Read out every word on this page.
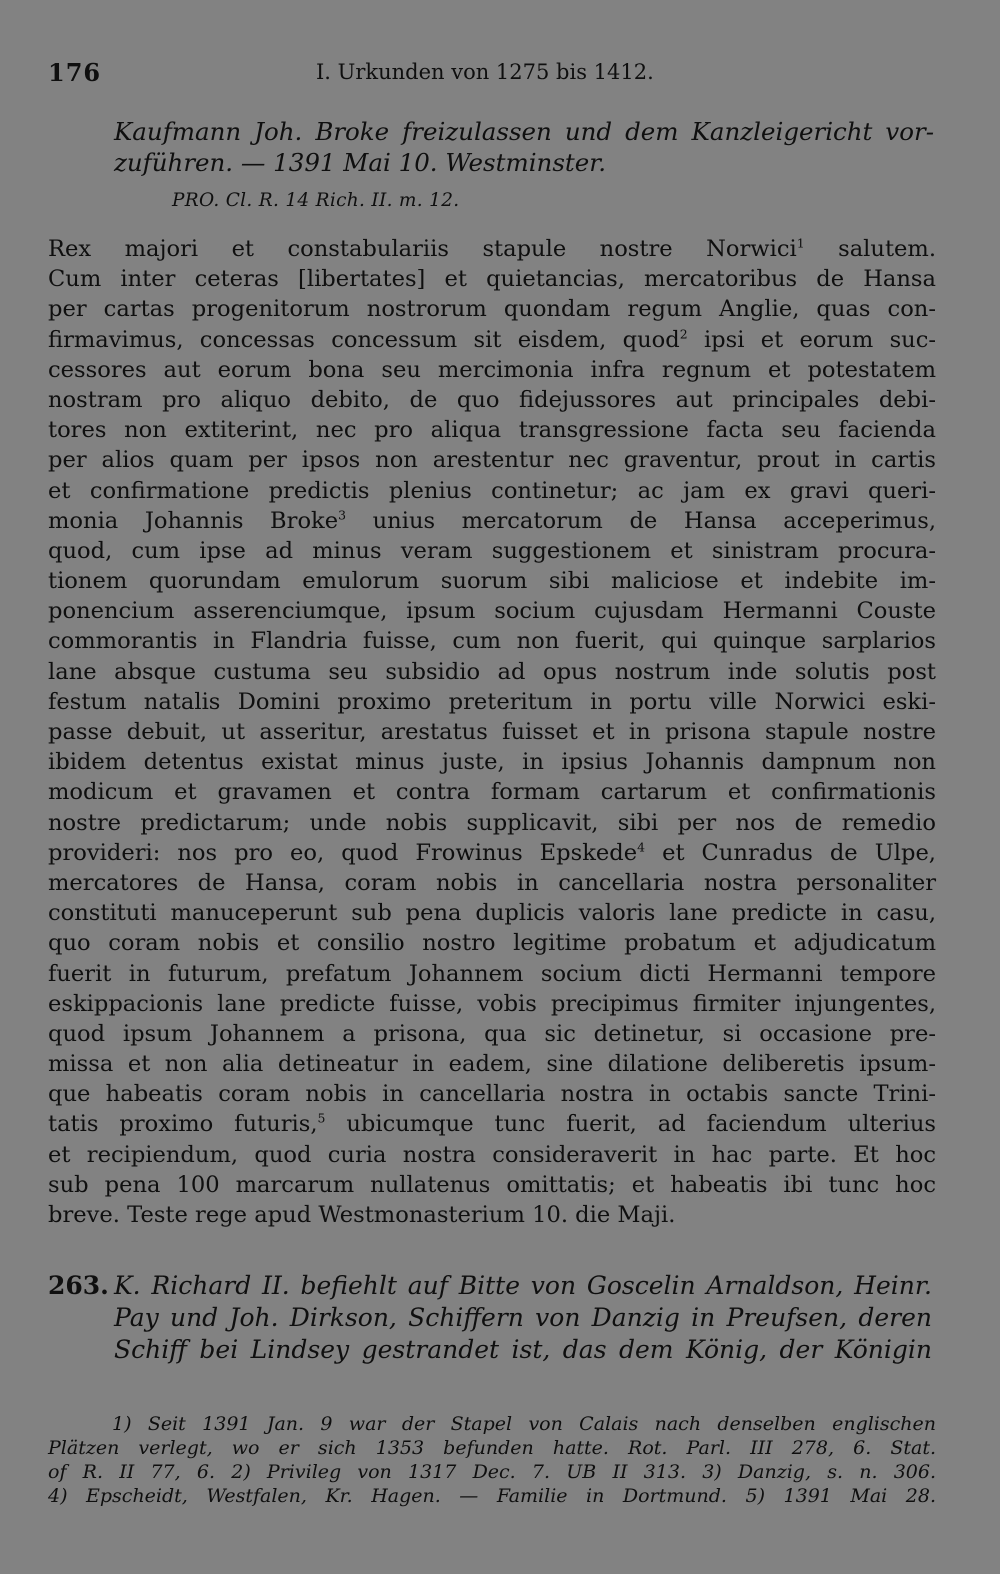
176	I. Urkunden von 1275 bis 1412.
Kaufmann Joh. Broke freizulassen und dem Kanzleigericht vor-
zuführen. — 1391 Mai 10. Westminster.
PRO. Cl. R. 14 Rich. II. m. 12.
Rex majori et constabulariis stapule nostre Norwici$^1$ salutem.
Cum inter ceteras [libertates] et quietancias, mercatoribus de Hansa
per cartas progenitorum nostrorum quondam regum Anglie, quas con-
firmavimus, concessas concessum sit eisdem, quod$^2$ ipsi et eorum suc-
cessores aut eorum bona seu mercimonia infra regnum et potestatem
nostram pro aliquo debito, de quo fidejussores aut principales debi-
tores non extiterint, nec pro aliqua transgressione facta seu facienda
per alios quam per ipsos non arestentur nec graventur, prout in cartis
et confirmatione predictis plenius continetur; ac jam ex gravi queri-
monia Johannis Broke$^3$ unius mercatorum de Hansa acceperimus,
quod, cum ipse ad minus veram suggestionem et sinistram procura-
tionem quorundam emulorum suorum sibi maliciose et indebite im-
ponencium asserenciumque, ipsum socium cujusdam Hermanni Couste
commorantis in Flandria fuisse, cum non fuerit, qui quinque sarplarios
lane absque custuma seu subsidio ad opus nostrum inde solutis post
festum natalis Domini proximo preteritum in portu ville Norwici eski-
passe debuit, ut asseritur, arestatus fuisset et in prisona stapule nostre
ibidem detentus existat minus juste, in ipsius Johannis dampnum non
modicum et gravamen et contra formam cartarum et confirmationis
nostre predictarum; unde nobis supplicavit, sibi per nos de remedio
provideri: nos pro eo, quod Frowinus Epskede$^4$ et Cunradus de Ulpe,
mercatores de Hansa, coram nobis in cancellaria nostra personaliter
constituti manuceperunt sub pena duplicis valoris lane predicte in casu,
quo coram nobis et consilio nostro legitime probatum et adjudicatum
fuerit in futurum, prefatum Johannem socium dicti Hermanni tempore
eskippacionis lane predicte fuisse, vobis precipimus firmiter injungentes,
quod ipsum Johannem a prisona, qua sic detinetur, si occasione pre-
missa et non alia detineatur in eadem, sine dilatione deliberetis ipsum-
que habeatis coram nobis in cancellaria nostra in octabis sancte Trini-
tatis proximo futuris,$^5$ ubicumque tunc fuerit, ad faciendum ulterius
et recipiendum, quod curia nostra consideraverit in hac parte. Et hoc
sub pena 100 marcarum nullatenus omittatis; et habeatis ibi tunc hoc
breve. Teste rege apud Westmonasterium 10. die Maji.
263. K. Richard II. befiehlt auf Bitte von Goscelin Arnaldson, Heinr.
Pay und Joh. Dirkson, Schiffern von Danzig in Preufsen, deren
Schiff bei Lindsey gestrandet ist, das dem König, der Königin
1) Seit 1391 Jan. 9 war der Stapel von Calais nach denselben englischen
Plätzen verlegt, wo er sich 1353 befunden hatte. Rot. Parl. III 278, 6. Stat.
of R. II 77, 6. 2) Privileg von 1317 Dec. 7. UB II 313. 3) Danzig, s. n. 306.
4) Epscheidt, Westfalen, Kr. Hagen. — Familie in Dortmund. 5) 1391 Mai 28.
